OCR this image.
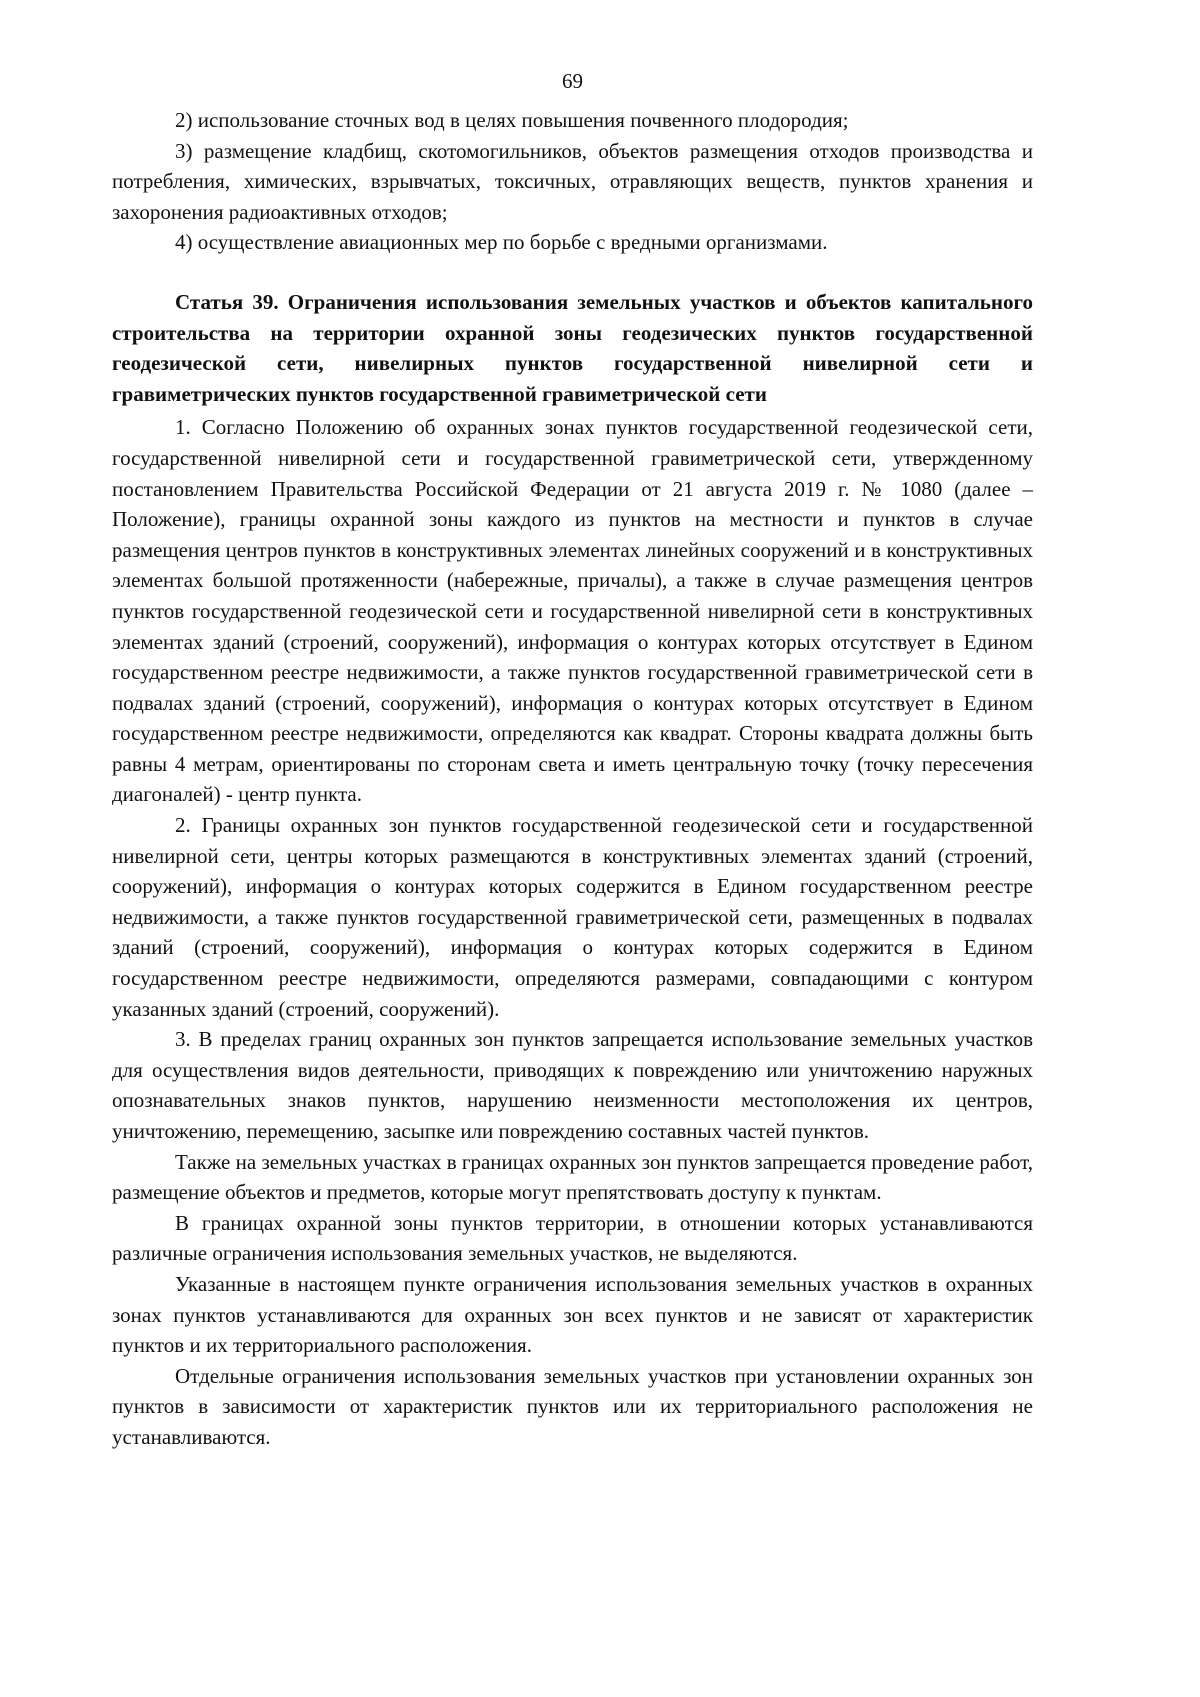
69

2) использование сточных вод в целях повышения почвенного плодородия;

3) размещение кладбищ, скотомогильников, объектов размещения отходов производства и потребления, химических, взрывчатых, токсичных, отравляющих веществ, пунктов хранения и захоронения радиоактивных отходов;

4) осуществление авиационных мер по борьбе с вредными организмами.

Статья 39. Ограничения использования земельных участков и объектов капитального строительства на территории охранной зоны геодезических пунктов государственной геодезической сети, нивелирных пунктов государственной нивелирной сети и гравиметрических пунктов государственной гравиметрической сети

1. Согласно Положению об охранных зонах пунктов государственной геодезической сети, государственной нивелирной сети и государственной гравиметрической сети, утвержденному постановлением Правительства Российской Федерации от 21 августа 2019 г. № 1080 (далее – Положение), границы охранной зоны каждого из пунктов на местности и пунктов в случае размещения центров пунктов в конструктивных элементах линейных сооружений и в конструктивных элементах большой протяженности (набережные, причалы), а также в случае размещения центров пунктов государственной геодезической сети и государственной нивелирной сети в конструктивных элементах зданий (строений, сооружений), информация о контурах которых отсутствует в Едином государственном реестре недвижимости, а также пунктов государственной гравиметрической сети в подвалах зданий (строений, сооружений), информация о контурах которых отсутствует в Едином государственном реестре недвижимости, определяются как квадрат. Стороны квадрата должны быть равны 4 метрам, ориентированы по сторонам света и иметь центральную точку (точку пересечения диагоналей) - центр пункта.

2. Границы охранных зон пунктов государственной геодезической сети и государственной нивелирной сети, центры которых размещаются в конструктивных элементах зданий (строений, сооружений), информация о контурах которых содержится в Едином государственном реестре недвижимости, а также пунктов государственной гравиметрической сети, размещенных в подвалах зданий (строений, сооружений), информация о контурах которых содержится в Едином государственном реестре недвижимости, определяются размерами, совпадающими с контуром указанных зданий (строений, сооружений).

3. В пределах границ охранных зон пунктов запрещается использование земельных участков для осуществления видов деятельности, приводящих к повреждению или уничтожению наружных опознавательных знаков пунктов, нарушению неизменности местоположения их центров, уничтожению, перемещению, засыпке или повреждению составных частей пунктов.

Также на земельных участках в границах охранных зон пунктов запрещается проведение работ, размещение объектов и предметов, которые могут препятствовать доступу к пунктам.

В границах охранной зоны пунктов территории, в отношении которых устанавливаются различные ограничения использования земельных участков, не выделяются.

Указанные в настоящем пункте ограничения использования земельных участков в охранных зонах пунктов устанавливаются для охранных зон всех пунктов и не зависят от характеристик пунктов и их территориального расположения.

Отдельные ограничения использования земельных участков при установлении охранных зон пунктов в зависимости от характеристик пунктов или их территориального расположения не устанавливаются.
